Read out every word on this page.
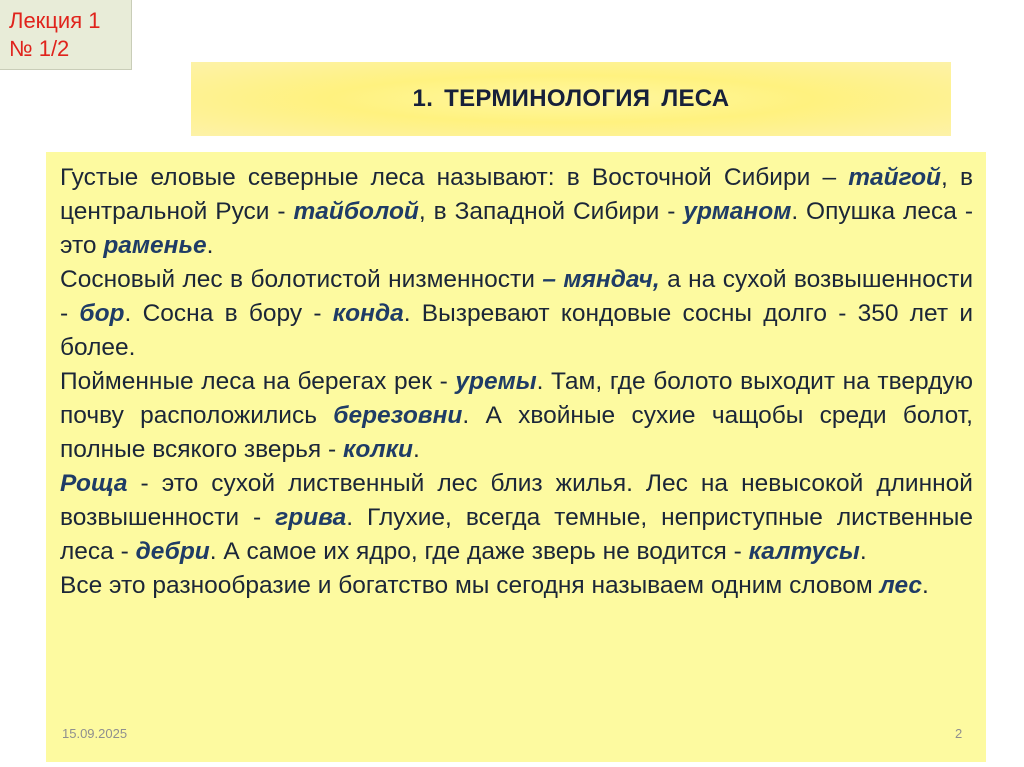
Лекция 1
№ 1/2
1. ТЕРМИНОЛОГИЯ ЛЕСА

Густые еловые северные леса называют: в Восточной Сибири – тайгой, в центральной Руси - тайболой, в Западной Сибири - урманом. Опушка леса - это раменье.

Сосновый лес в болотистой низменности – мяндач, а на сухой возвышенности - бор. Сосна в бору - конда. Вызревают кондовые сосны долго - 350 лет и более.

Пойменные леса на берегах рек - уремы. Там, где болото выходит на твердую почву расположились березовни. А хвойные сухие чащобы среди болот, полные всякого зверья - колки.

Роща - это сухой лиственный лес близ жилья. Лес на невысокой длинной возвышенности - грива. Глухие, всегда темные, неприступные лиственные леса - дебри. А самое их ядро, где даже зверь не водится - калтусы.

Все это разнообразие и богатство мы сегодня называем одним словом лес.

15.09.2025	2
